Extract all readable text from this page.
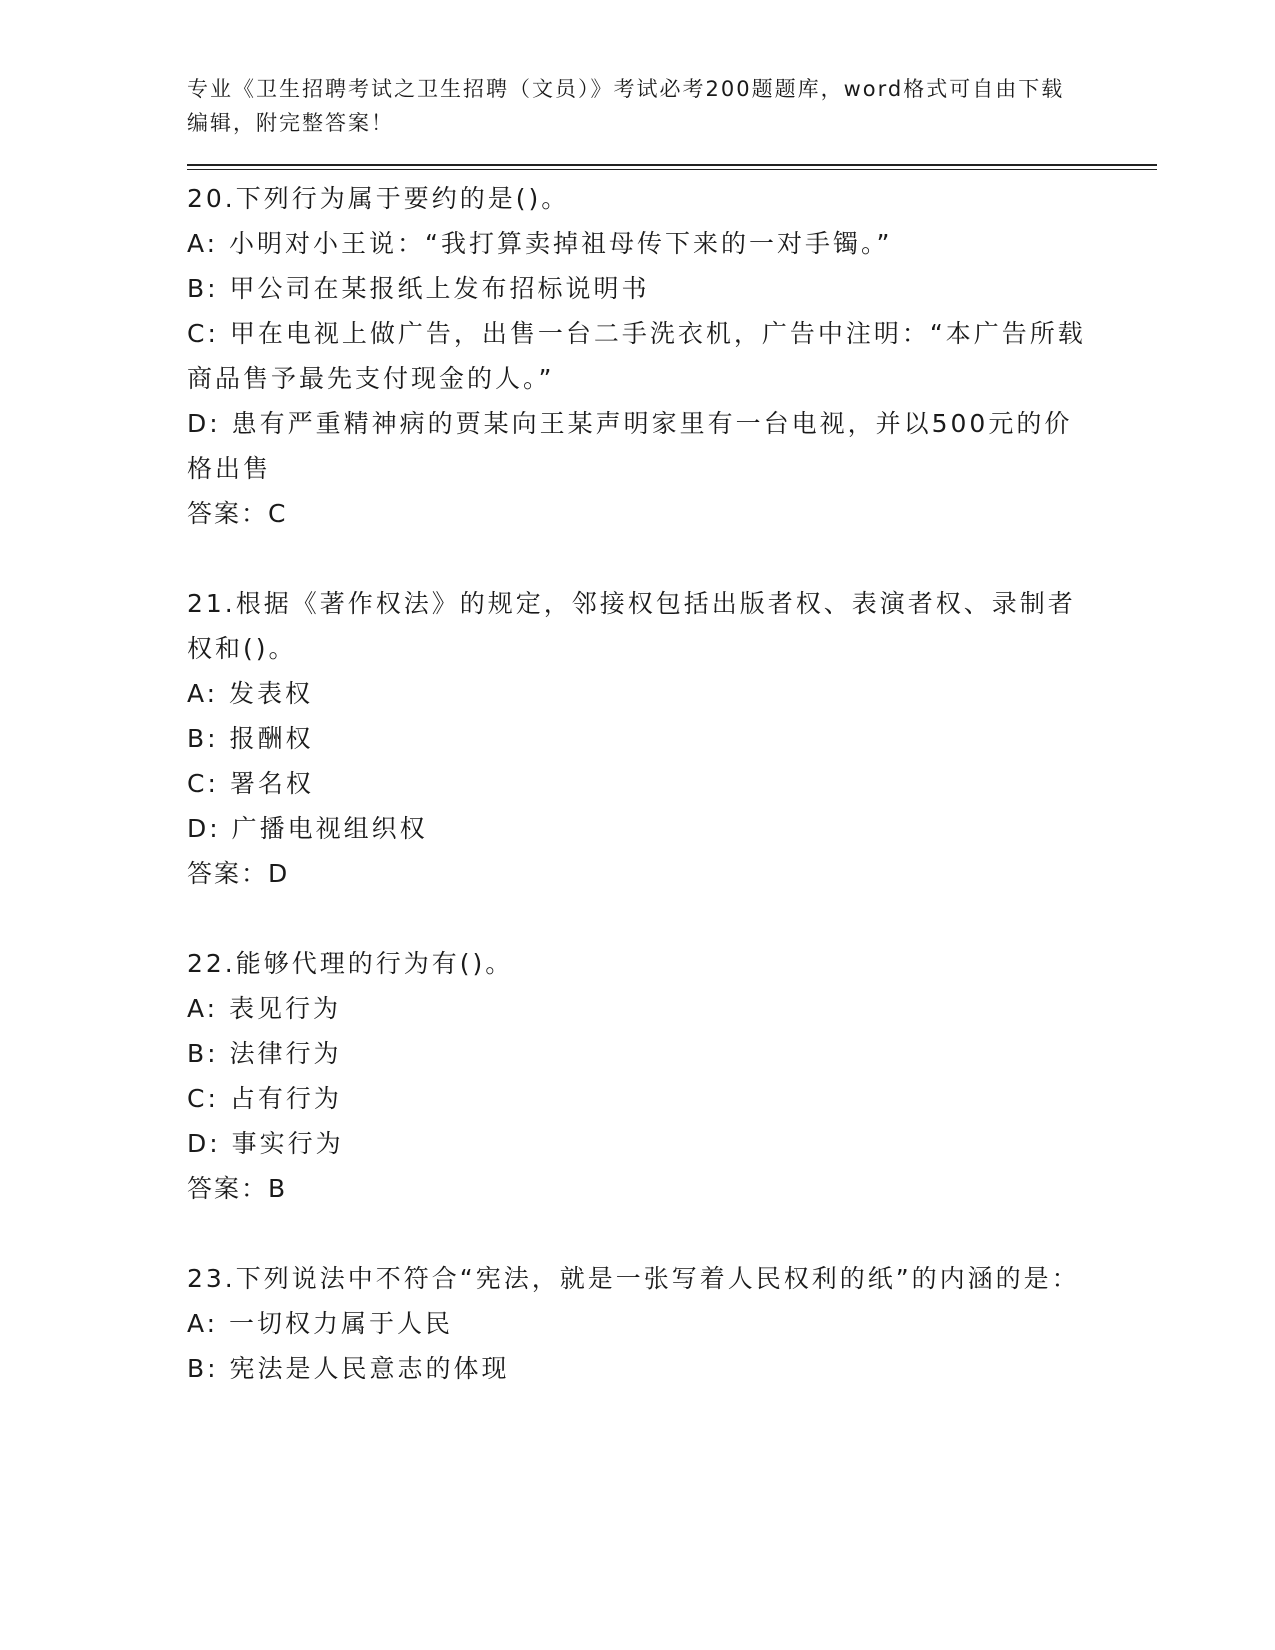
专业《卫生招聘考试之卫生招聘（文员）》考试必考200题题库，word格式可自由下载编辑，附完整答案！

20.下列行为属于要约的是()。

A: 小明对小王说：“我打算卖掉祖母传下来的一对手镯。”

B: 甲公司在某报纸上发布招标说明书

C: 甲在电视上做广告，出售一台二手洗衣机，广告中注明：“本广告所载商品售予最先支付现金的人。”

D: 患有严重精神病的贾某向王某声明家里有一台电视，并以500元的价格出售

答案：C

21.根据《著作权法》的规定，邻接权包括出版者权、表演者权、录制者权和()。

A: 发表权

B: 报酬权

C: 署名权

D: 广播电视组织权

答案：D

22.能够代理的行为有()。

A: 表见行为

B: 法律行为

C: 占有行为

D: 事实行为

答案：B

23.下列说法中不符合“宪法，就是一张写着人民权利的纸”的内涵的是：

A: 一切权力属于人民

B: 宪法是人民意志的体现
